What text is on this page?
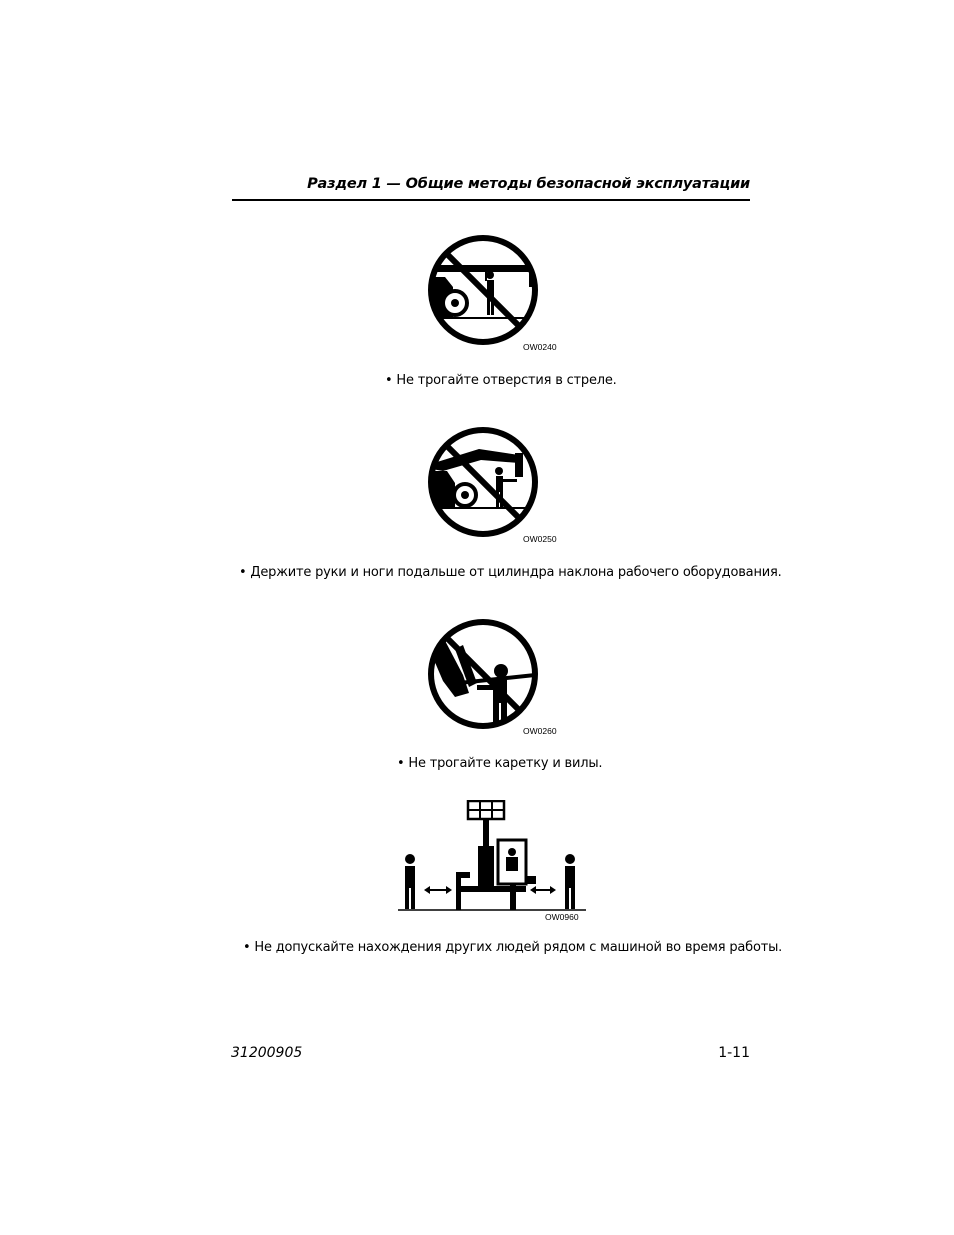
Раздел 1 — Общие методы безопасной эксплуатации
OW0240
• Не трогайте отверстия в стреле.
OW0250
• Держите руки и ноги подальше от цилиндра наклона рабочего оборудования.
OW0260
• Не трогайте каретку и вилы.
OW0960
• Не допускайте нахождения других людей рядом с машиной во время работы.
31200905	1-11
